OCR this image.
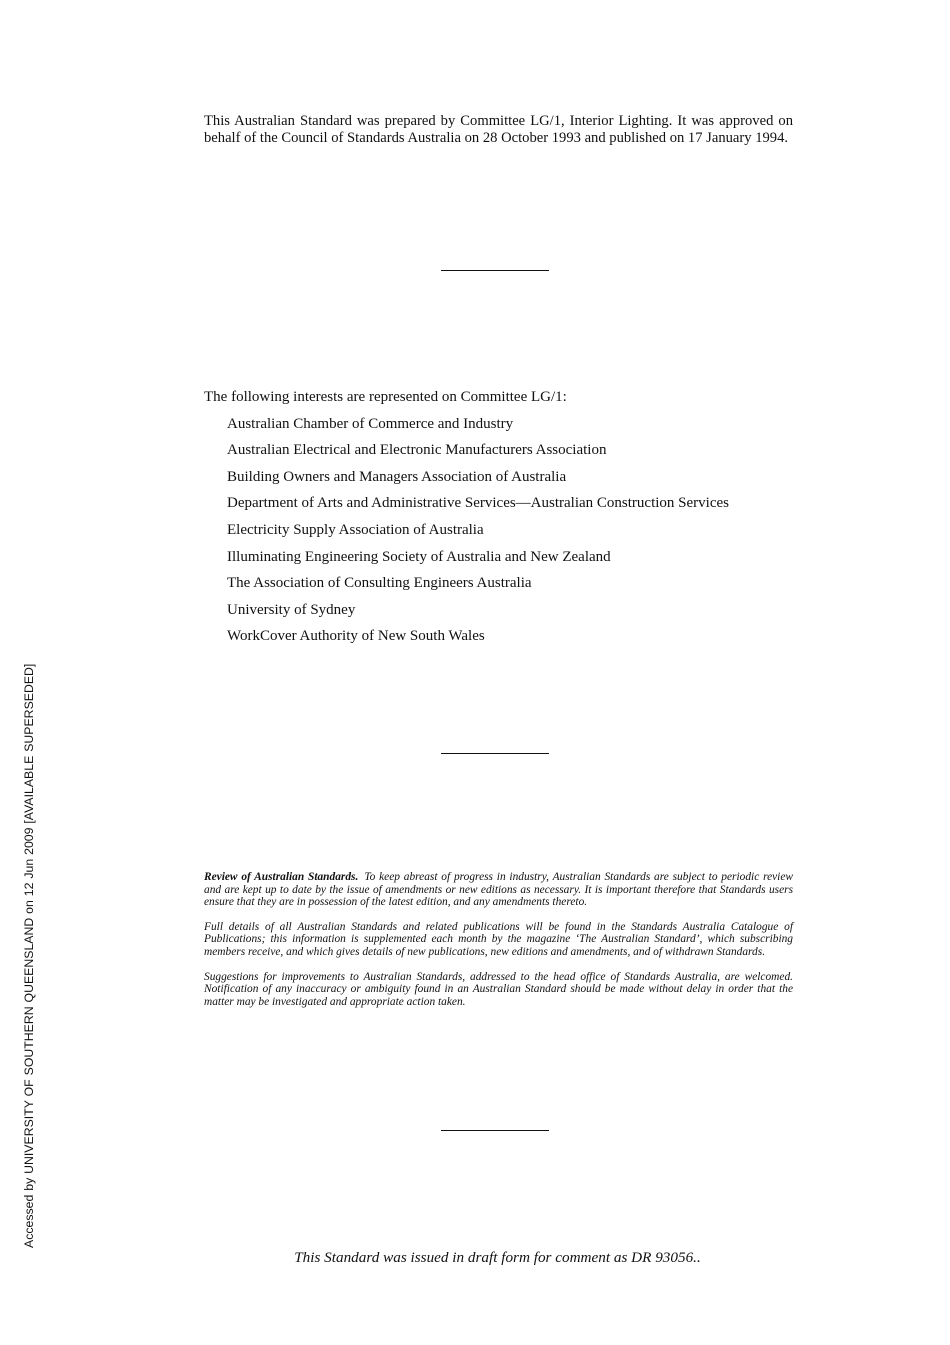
This Australian Standard was prepared by Committee LG/1, Interior Lighting. It was approved on behalf of the Council of Standards Australia on 28 October 1993 and published on 17 January 1994.

The following interests are represented on Committee LG/1:

Australian Chamber of Commerce and Industry
Australian Electrical and Electronic Manufacturers Association
Building Owners and Managers Association of Australia
Department of Arts and Administrative Services—Australian Construction Services
Electricity Supply Association of Australia
Illuminating Engineering Society of Australia and New Zealand
The Association of Consulting Engineers Australia
University of Sydney
WorkCover Authority of New South Wales

Review of Australian Standards. To keep abreast of progress in industry, Australian Standards are subject to periodic review and are kept up to date by the issue of amendments or new editions as necessary. It is important therefore that Standards users ensure that they are in possession of the latest edition, and any amendments thereto.

Full details of all Australian Standards and related publications will be found in the Standards Australia Catalogue of Publications; this information is supplemented each month by the magazine ‘The Australian Standard’, which subscribing members receive, and which gives details of new publications, new editions and amendments, and of withdrawn Standards.

Suggestions for improvements to Australian Standards, addressed to the head office of Standards Australia, are welcomed. Notification of any inaccuracy or ambiguity found in an Australian Standard should be made without delay in order that the matter may be investigated and appropriate action taken.

This Standard was issued in draft form for comment as DR 93056..

Accessed by UNIVERSITY OF SOUTHERN QUEENSLAND on 12 Jun 2009 [AVAILABLE SUPERSEDED]
